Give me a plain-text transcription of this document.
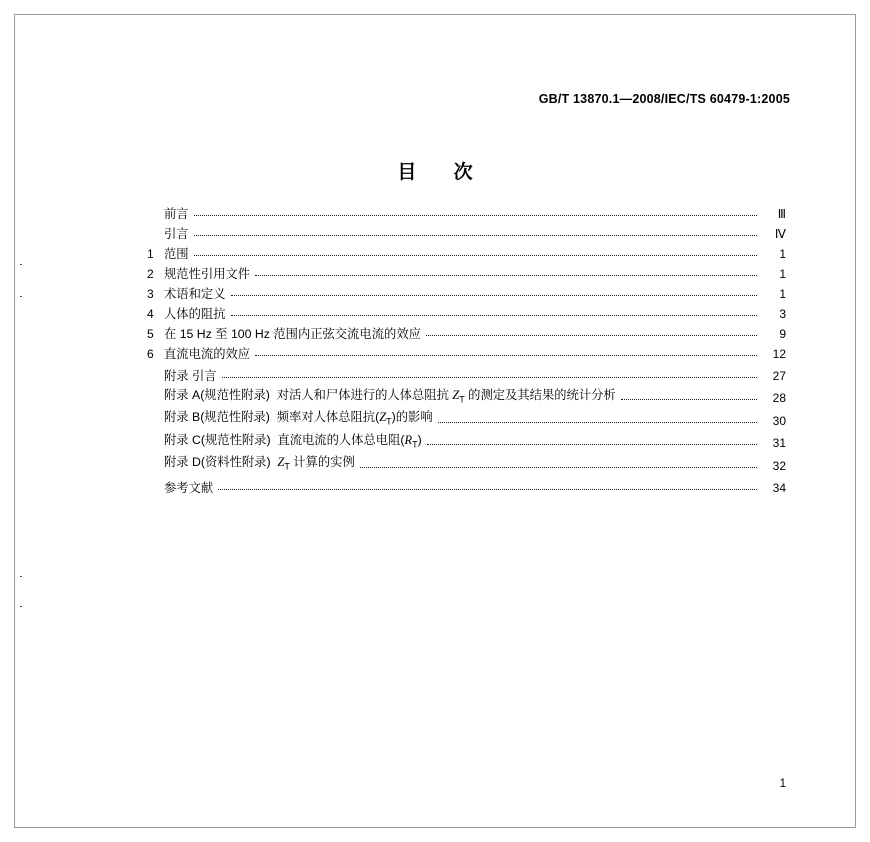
GB/T 13870.1—2008/IEC/TS 60479-1:2005
目 次
前言	Ⅲ
引言	Ⅳ
1 范围	1
2 规范性引用文件	1
3 术语和定义	1
4 人体的阻抗	3
5 在 15 Hz 至 100 Hz 范围内正弦交流电流的效应	9
6 直流电流的效应	12
附录 引言	27
附录 A(规范性附录)  对活人和尸体进行的人体总阻抗 $Z_T$ 的测定及其结果的统计分析	28
附录 B(规范性附录)  频率对人体总阻抗$(Z_T)$的影响	30
附录 C(规范性附录)  直流电流的人体总电阻$(R_T)$	31
附录 D(资料性附录)  $Z_T$ 计算的实例	32
参考文献	34
1
